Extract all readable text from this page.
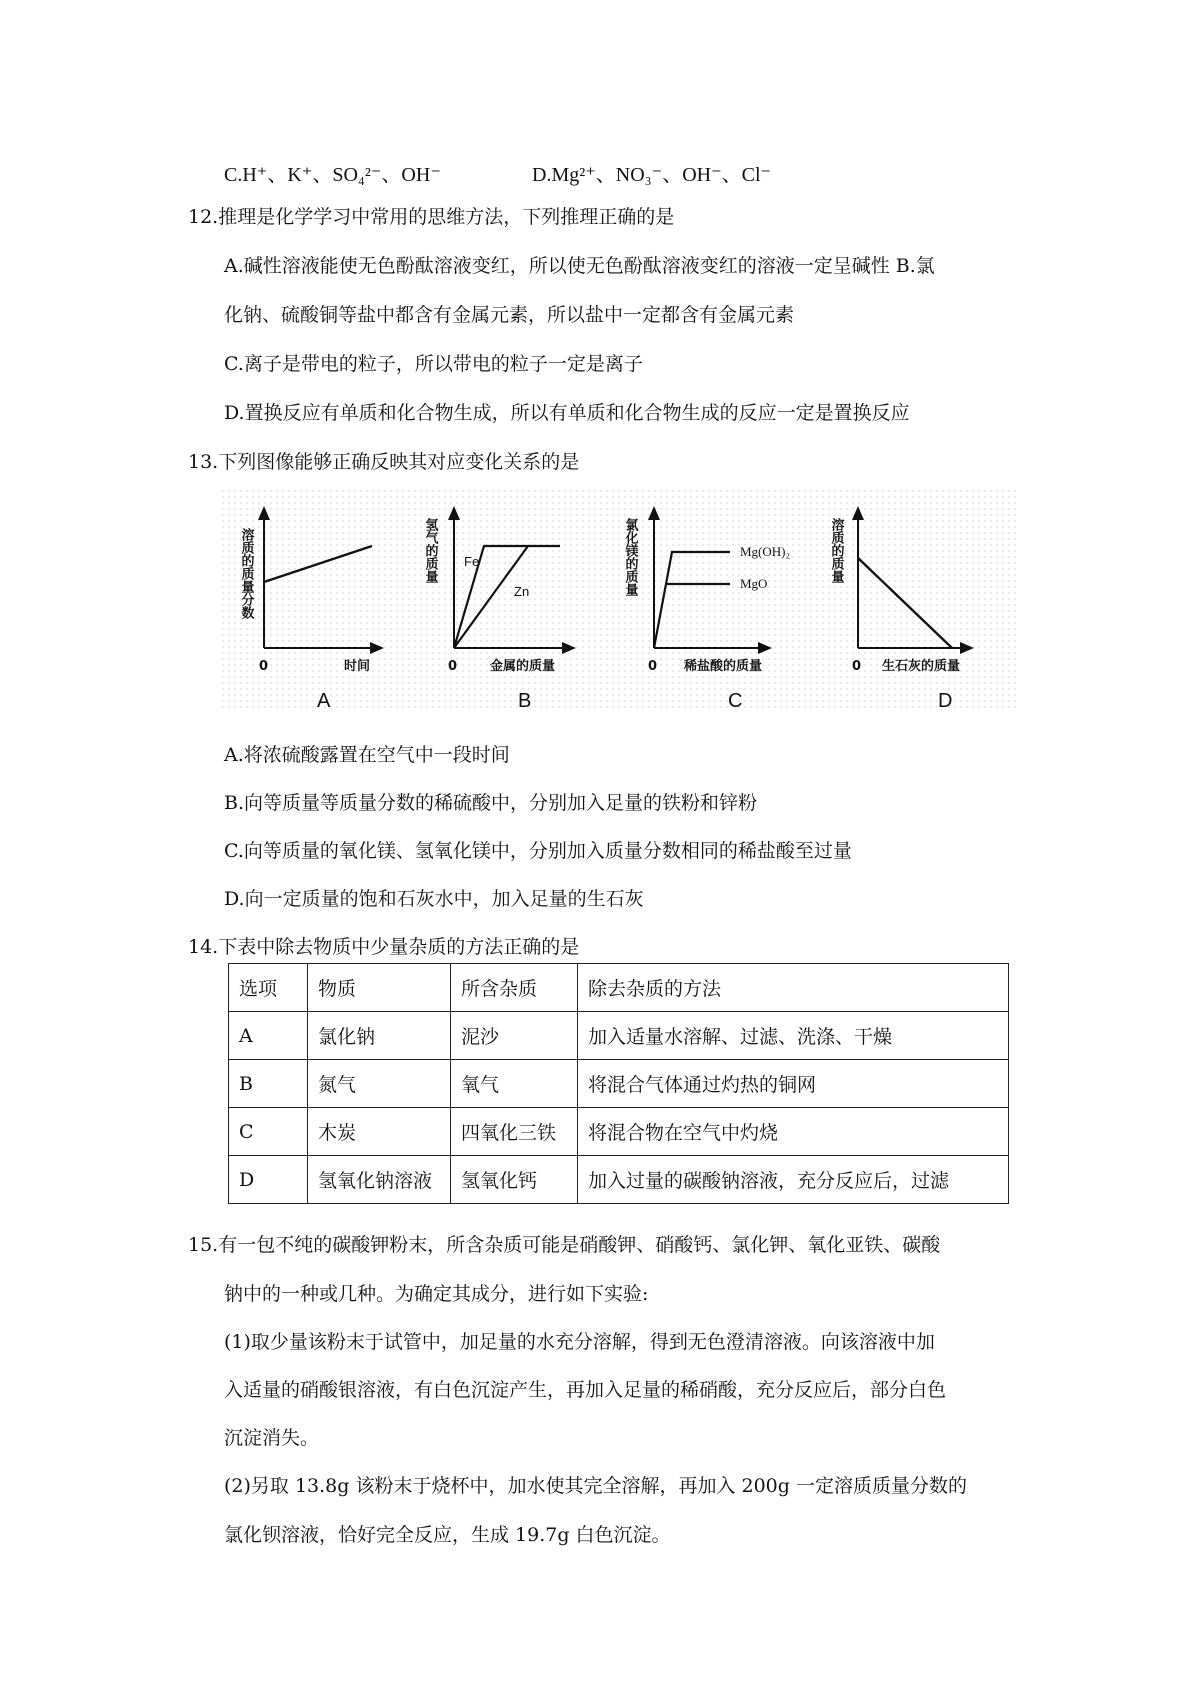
C.H⁺、K⁺、SO₄²⁻、OH⁻	D.Mg²⁺、NO₃⁻、OH⁻、Cl⁻
12.推理是化学学习中常用的思维方法，下列推理正确的是
A.碱性溶液能使无色酚酞溶液变红，所以使无色酚酞溶液变红的溶液一定呈碱性 B.氯
化钠、硫酸铜等盐中都含有金属元素，所以盐中一定都含有金属元素
C.离子是带电的粒子，所以带电的粒子一定是离子
D.置换反应有单质和化合物生成，所以有单质和化合物生成的反应一定是置换反应
13.下列图像能够正确反映其对应变化关系的是
溶质的质量分数
0	时间
氢气的质量 Fe
Zn
0	金属的质量
氯化镁的质量	Mg(OH)₂
MgO
0 稀盐酸的质量
溶质的质量
0 生石灰的质量
A	B	C	D
A.将浓硫酸露置在空气中一段时间
B.向等质量等质量分数的稀硫酸中，分别加入足量的铁粉和锌粉
C.向等质量的氧化镁、氢氧化镁中，分别加入质量分数相同的稀盐酸至过量
D.向一定质量的饱和石灰水中，加入足量的生石灰
14.下表中除去物质中少量杂质的方法正确的是
选项	物质	所含杂质	除去杂质的方法
A	氯化钠	泥沙	加入适量水溶解、过滤、洗涤、干燥
B	氮气	氧气	将混合气体通过灼热的铜网
C	木炭	四氧化三铁	将混合物在空气中灼烧
D	氢氧化钠溶液	氢氧化钙	加入过量的碳酸钠溶液，充分反应后，过滤
15.有一包不纯的碳酸钾粉末，所含杂质可能是硝酸钾、硝酸钙、氯化钾、氧化亚铁、碳酸
钠中的一种或几种。为确定其成分，进行如下实验:
(1)取少量该粉末于试管中，加足量的水充分溶解，得到无色澄清溶液。向该溶液中加
入适量的硝酸银溶液，有白色沉淀产生，再加入足量的稀硝酸，充分反应后，部分白色
沉淀消失。
(2)另取 13.8g 该粉末于烧杯中，加水使其完全溶解，再加入 200g 一定溶质质量分数的
氯化钡溶液，恰好完全反应，生成 19.7g 白色沉淀。
